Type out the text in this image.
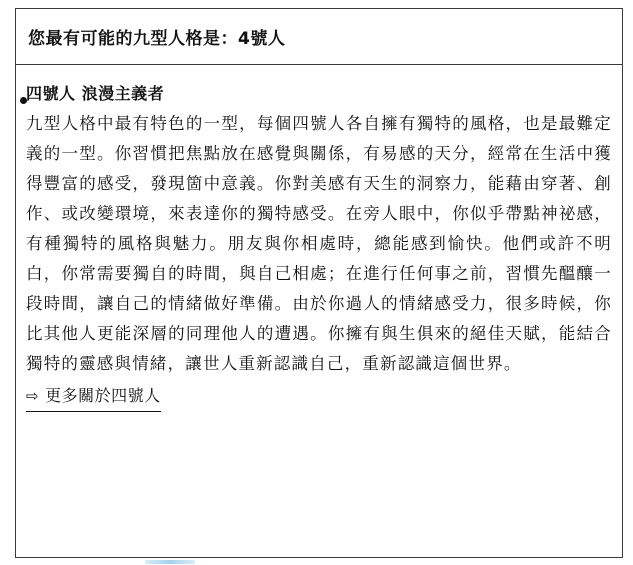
您最有可能的九型人格是：4號人
四號人 浪漫主義者

九型人格中最有特色的一型，每個四號人各自擁有獨特的風格，也是最難定義的一型。你習慣把焦點放在感覺與關係，有易感的天分，經常在生活中獲得豐富的感受，發現箇中意義。你對美感有天生的洞察力，能藉由穿著、創作、或改變環境，來表達你的獨特感受。在旁人眼中，你似乎帶點神祕感，有種獨特的風格與魅力。朋友與你相處時，總能感到愉快。他們或許不明白，你常需要獨自的時間，與自己相處；在進行任何事之前，習慣先醞釀一段時間，讓自己的情緒做好準備。由於你過人的情緒感受力，很多時候，你比其他人更能深層的同理他人的遭遇。你擁有與生俱來的絕佳天賦，能結合獨特的靈感與情緒，讓世人重新認識自己，重新認識這個世界。

⇨ 更多關於四號人
